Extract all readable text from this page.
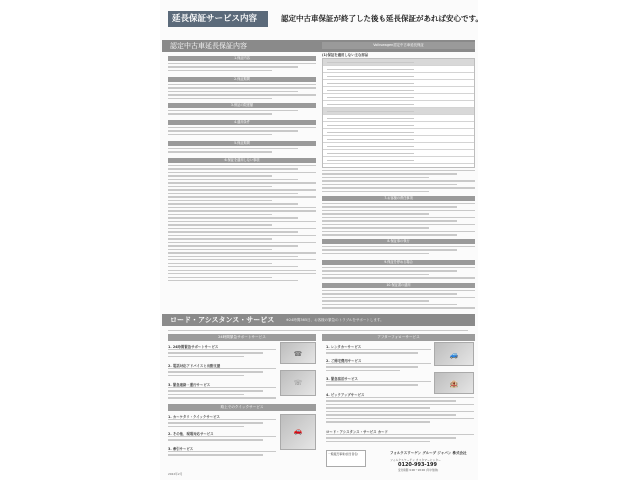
延長保証サービス内容	認定中古車保証が終了した後も延長保証があれば安心です。
認定中古車延長保証内容	Volkswagen認定中古車延長保証
1.保証内容
2.保証期間
3.保証の限度額
4.適用条件
5.保証期間
6.保証を適用しない事項
(1)保証を適用しない主な部品
7.お客様の責任事項
8.保証事の執行
9.保証を停める場合
10.保証書の適用
ロード・アシスタンス・サービス	※24時間365日、お客様の緊急のトラブルをサポートします。
24時間緊急サポートサービス	アフターフォローサービス
1. 24時間緊急サポートサービス
☎
2. 電話対応アドバイスと出動支援
3. 緊急連絡・運行サービス	☏
路上でのクイックサービス
1. カーケタリ・クイックサービス
2. その他、現場対応サービス
3. 牽引サービス
🚗
1. レンタカーサービス
2. ご帰宅費用サービス
🚙
3. 緊急宿泊サービス
🏨
4. ピックアップサービス
ロード・アシスタンス・サービス カード
一般販売事業(担当者名)	フォルクスワーゲン グループ ジャパン 株式会社
フォルクスワーゲン カスタマーセンター
0120-993-199
受付時間 9:00〜18:00 (年中無休)
2022年2月
